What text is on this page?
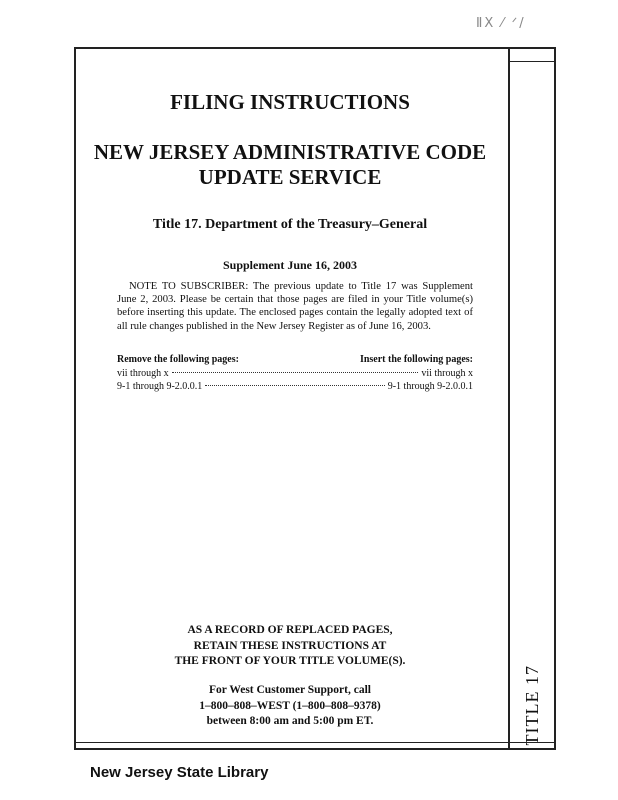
ⅡⅩ ⁄ ᐟ/
TITLE 17
FILING INSTRUCTIONS
NEW JERSEY ADMINISTRATIVE CODE
UPDATE SERVICE

Title 17. Department of the Treasury–General

Supplement June 16, 2003

NOTE TO SUBSCRIBER: The previous update to Title 17 was Supplement June 2, 2003. Please be certain that those pages are filed in your Title volume(s) before inserting this update. The enclosed pages contain the legally adopted text of all rule changes published in the New Jersey Register as of June 16, 2003.

Remove the following pages:	Insert the following pages:
vii through x	vii through x
9-1 through 9-2.0.0.1	9-1 through 9-2.0.0.1

AS A RECORD OF REPLACED PAGES,
RETAIN THESE INSTRUCTIONS AT
THE FRONT OF YOUR TITLE VOLUME(S).

For West Customer Support, call
1–800–808–WEST (1–800–808–9378)
between 8:00 am and 5:00 pm ET.

New Jersey State Library
